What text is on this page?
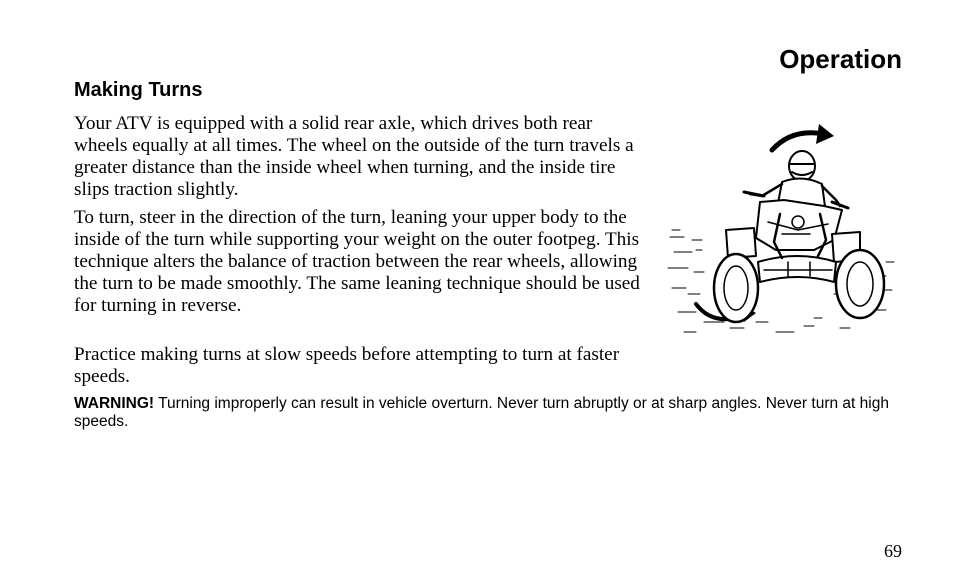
Operation
Making Turns

Your ATV is equipped with a solid rear axle, which drives both rear wheels equally at all times. The wheel on the outside of the turn travels a greater distance than the inside wheel when turning, and the inside tire slips traction slightly.

To turn, steer in the direction of the turn, leaning your upper body to the inside of the turn while supporting your weight on the outer footpeg. This technique alters the balance of traction between the rear wheels, allowing the turn to be made smoothly. The same leaning technique should be used for turning in reverse.

Practice making turns at slow speeds before attempting to turn at faster speeds.

WARNING! Turning improperly can result in vehicle overturn. Never turn abruptly or at sharp angles. Never turn at high speeds.

69
